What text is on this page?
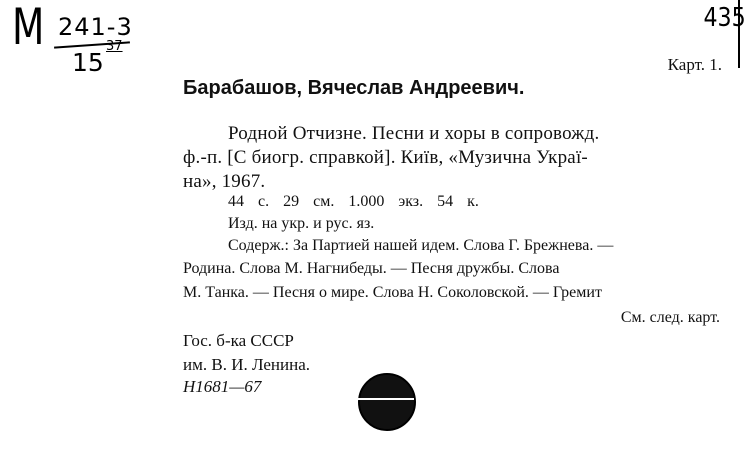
M 241-3
15
37
435
Карт. 1.
Барабашов, Вячеслав Андреевич.
Родной Отчизне. Песни и хоры в сопровожд.
ф.-п. [С биогр. справкой]. Київ, «Музична Украї-
на», 1967.
44 с. 29 см. 1.000 экз. 54 к.
Изд. на укр. и рус. яз.
Содерж.: За Партией нашей идем. Слова Г. Брежнева. —
Родина. Слова М. Нагнибеды. — Песня дружбы. Слова
М. Танка. — Песня о мире. Слова Н. Соколовской. — Гремит
См. след. карт.
Гос. б-ка СССР
им. В. И. Ленина.
Н1681—67
